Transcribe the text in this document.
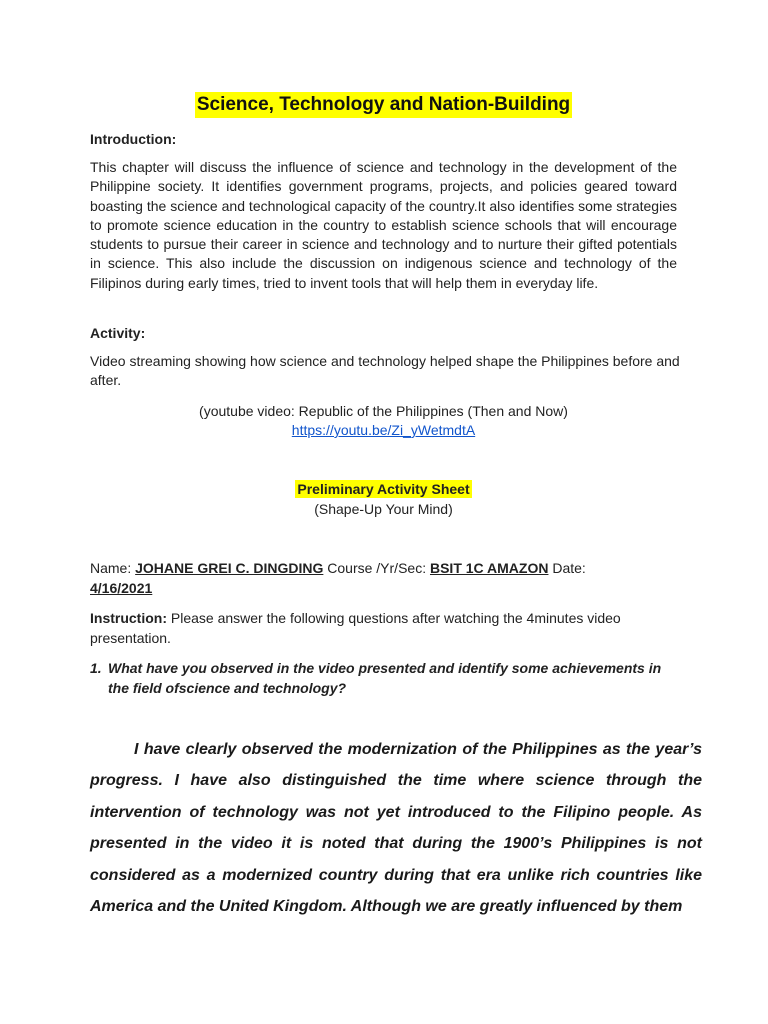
Science, Technology and Nation-Building
Introduction:
This chapter will discuss the influence of science and technology in the development of the Philippine society. It identifies government programs, projects, and policies geared toward boasting the science and technological capacity of the country.It also identifies some strategies to promote science education in the country to establish science schools that will encourage students to pursue their career in science and technology and to nurture their gifted potentials in science. This also include the discussion on indigenous science and technology of the Filipinos during early times, tried to invent tools that will help them in everyday life.
Activity:
Video streaming showing how science and technology helped shape the Philippines before and after.
(youtube video: Republic of the Philippines (Then and Now)
https://youtu.be/Zi_yWetmdtA
Preliminary Activity Sheet
(Shape-Up Your Mind)
Name: JOHANE GREI C. DINGDING Course /Yr/Sec: BSIT 1C AMAZON Date:
4/16/2021
Instruction: Please answer the following questions after watching the 4minutes video presentation.
1. What have you observed in the video presented and identify some achievements in the field ofscience and technology?
I have clearly observed the modernization of the Philippines as the year’s progress. I have also distinguished the time where science through the intervention of technology was not yet introduced to the Filipino people. As presented in the video it is noted that during the 1900’s Philippines is not considered as a modernized country during that era unlike rich countries like America and the United Kingdom. Although we are greatly influenced by them
